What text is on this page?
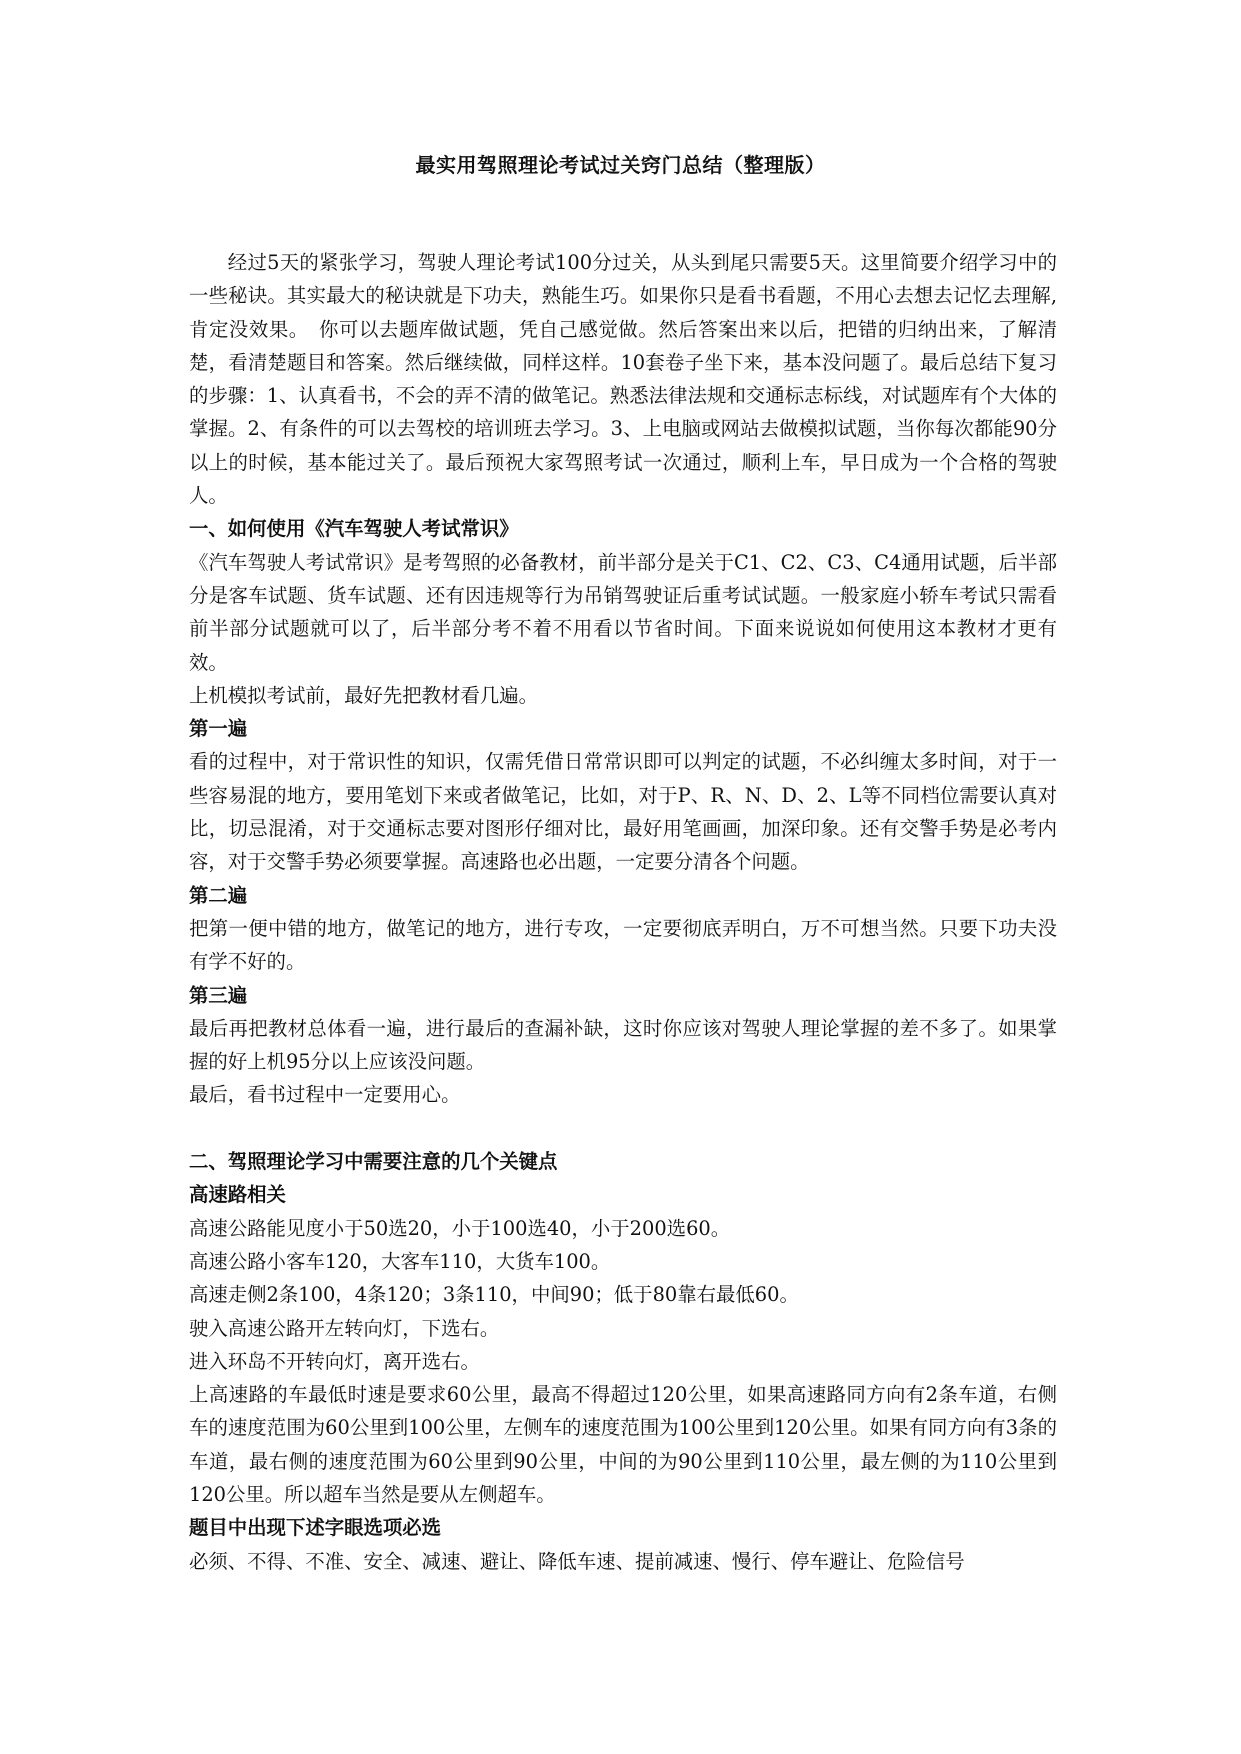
最实用驾照理论考试过关窍门总结（整理版）

经过5天的紧张学习，驾驶人理论考试100分过关，从头到尾只需要5天。这里简要介绍学习中的一些秘诀。其实最大的秘诀就是下功夫，熟能生巧。如果你只是看书看题，不用心去想去记忆去理解,肯定没效果。　你可以去题库做试题，凭自己感觉做。然后答案出来以后，把错的归纳出来，了解清楚，看清楚题目和答案。然后继续做，同样这样。10套卷子坐下来，基本没问题了。最后总结下复习的步骤：1、认真看书，不会的弄不清的做笔记。熟悉法律法规和交通标志标线，对试题库有个大体的掌握。2、有条件的可以去驾校的培训班去学习。3、上电脑或网站去做模拟试题，当你每次都能90分以上的时候，基本能过关了。最后预祝大家驾照考试一次通过，顺利上车，早日成为一个合格的驾驶人。

一、如何使用《汽车驾驶人考试常识》

《汽车驾驶人考试常识》是考驾照的必备教材，前半部分是关于C1、C2、C3、C4通用试题，后半部分是客车试题、货车试题、还有因违规等行为吊销驾驶证后重考试试题。一般家庭小轿车考试只需看前半部分试题就可以了，后半部分考不着不用看以节省时间。下面来说说如何使用这本教材才更有效。

上机模拟考试前，最好先把教材看几遍。

第一遍

看的过程中，对于常识性的知识，仅需凭借日常常识即可以判定的试题，不必纠缠太多时间，对于一些容易混的地方，要用笔划下来或者做笔记，比如，对于P、R、N、D、2、L等不同档位需要认真对比，切忌混淆，对于交通标志要对图形仔细对比，最好用笔画画，加深印象。还有交警手势是必考内容，对于交警手势必须要掌握。高速路也必出题，一定要分清各个问题。

第二遍

把第一便中错的地方，做笔记的地方，进行专攻，一定要彻底弄明白，万不可想当然。只要下功夫没有学不好的。

第三遍

最后再把教材总体看一遍，进行最后的查漏补缺，这时你应该对驾驶人理论掌握的差不多了。如果掌握的好上机95分以上应该没问题。

最后，看书过程中一定要用心。

二、驾照理论学习中需要注意的几个关键点

高速路相关

高速公路能见度小于50选20，小于100选40，小于200选60。

高速公路小客车120，大客车110，大货车100。

高速走侧2条100，4条120；3条110，中间90；低于80靠右最低60。

驶入高速公路开左转向灯，下选右。

进入环岛不开转向灯，离开选右。

上高速路的车最低时速是要求60公里，最高不得超过120公里，如果高速路同方向有2条车道，右侧车的速度范围为60公里到100公里，左侧车的速度范围为100公里到120公里。如果有同方向有3条的车道，最右侧的速度范围为60公里到90公里，中间的为90公里到110公里，最左侧的为110公里到120公里。所以超车当然是要从左侧超车。

题目中出现下述字眼选项必选

必须、不得、不准、安全、减速、避让、降低车速、提前减速、慢行、停车避让、危险信号
